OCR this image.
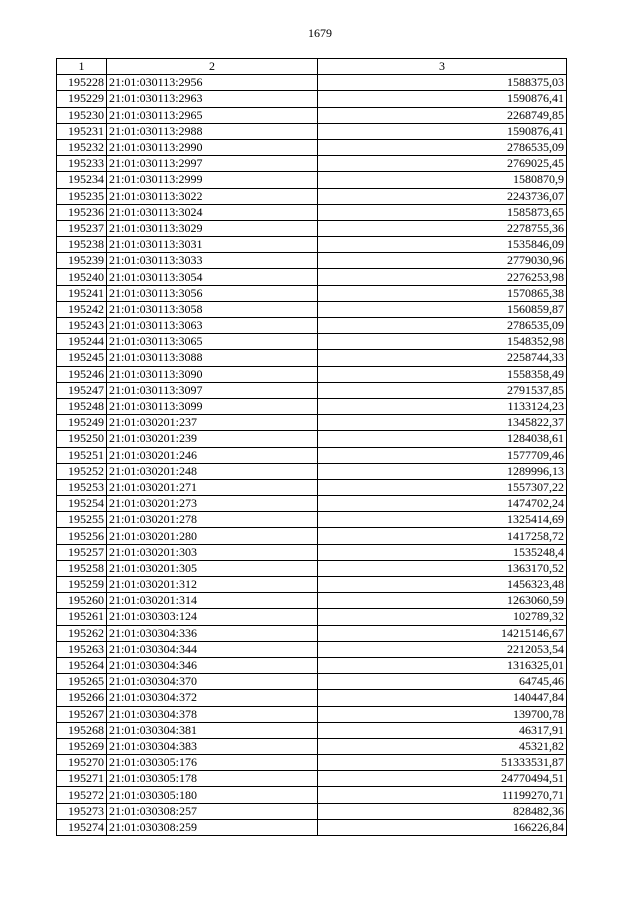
1679
1	2	3
195228	21:01:030113:2956	1588375,03
195229	21:01:030113:2963	1590876,41
195230	21:01:030113:2965	2268749,85
195231	21:01:030113:2988	1590876,41
195232	21:01:030113:2990	2786535,09
195233	21:01:030113:2997	2769025,45
195234	21:01:030113:2999	1580870,9
195235	21:01:030113:3022	2243736,07
195236	21:01:030113:3024	1585873,65
195237	21:01:030113:3029	2278755,36
195238	21:01:030113:3031	1535846,09
195239	21:01:030113:3033	2779030,96
195240	21:01:030113:3054	2276253,98
195241	21:01:030113:3056	1570865,38
195242	21:01:030113:3058	1560859,87
195243	21:01:030113:3063	2786535,09
195244	21:01:030113:3065	1548352,98
195245	21:01:030113:3088	2258744,33
195246	21:01:030113:3090	1558358,49
195247	21:01:030113:3097	2791537,85
195248	21:01:030113:3099	1133124,23
195249	21:01:030201:237	1345822,37
195250	21:01:030201:239	1284038,61
195251	21:01:030201:246	1577709,46
195252	21:01:030201:248	1289996,13
195253	21:01:030201:271	1557307,22
195254	21:01:030201:273	1474702,24
195255	21:01:030201:278	1325414,69
195256	21:01:030201:280	1417258,72
195257	21:01:030201:303	1535248,4
195258	21:01:030201:305	1363170,52
195259	21:01:030201:312	1456323,48
195260	21:01:030201:314	1263060,59
195261	21:01:030303:124	102789,32
195262	21:01:030304:336	14215146,67
195263	21:01:030304:344	2212053,54
195264	21:01:030304:346	1316325,01
195265	21:01:030304:370	64745,46
195266	21:01:030304:372	140447,84
195267	21:01:030304:378	139700,78
195268	21:01:030304:381	46317,91
195269	21:01:030304:383	45321,82
195270	21:01:030305:176	51333531,87
195271	21:01:030305:178	24770494,51
195272	21:01:030305:180	11199270,71
195273	21:01:030308:257	828482,36
195274	21:01:030308:259	166226,84
